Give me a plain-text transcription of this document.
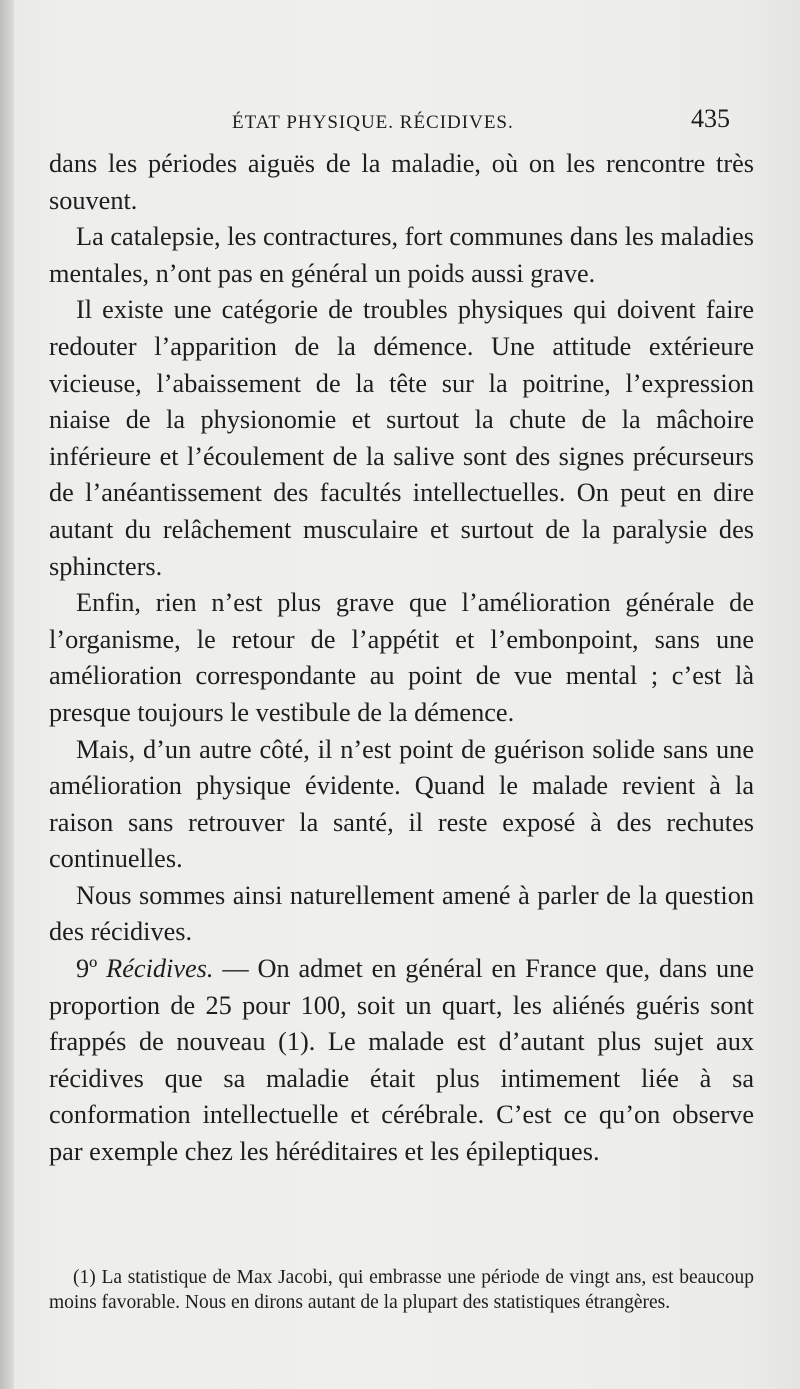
ÉTAT PHYSIQUE. RÉCIDIVES.	435

dans les périodes aiguës de la maladie, où on les rencontre très souvent.

La catalepsie, les contractures, fort communes dans les maladies mentales, n’ont pas en général un poids aussi grave.

Il existe une catégorie de troubles physiques qui doivent faire redouter l’apparition de la démence. Une attitude extérieure vicieuse, l’abaissement de la tête sur la poitrine, l’expression niaise de la physionomie et surtout la chute de la mâchoire inférieure et l’écoulement de la salive sont des signes précurseurs de l’anéantissement des facultés intellectuelles. On peut en dire autant du relâchement musculaire et surtout de la paralysie des sphincters.

Enfin, rien n’est plus grave que l’amélioration générale de l’organisme, le retour de l’appétit et l’embonpoint, sans une amélioration correspondante au point de vue mental ; c’est là presque toujours le vestibule de la démence.

Mais, d’un autre côté, il n’est point de guérison solide sans une amélioration physique évidente. Quand le malade revient à la raison sans retrouver la santé, il reste exposé à des rechutes continuelles.

Nous sommes ainsi naturellement amené à parler de la question des récidives.

9º Récidives. — On admet en général en France que, dans une proportion de 25 pour 100, soit un quart, les aliénés guéris sont frappés de nouveau (1). Le malade est d’autant plus sujet aux récidives que sa maladie était plus intimement liée à sa conformation intellectuelle et cérébrale. C’est ce qu’on observe par exemple chez les héréditaires et les épileptiques.

(1) La statistique de Max Jacobi, qui embrasse une période de vingt ans, est beaucoup moins favorable. Nous en dirons autant de la plupart des statistiques étrangères.
